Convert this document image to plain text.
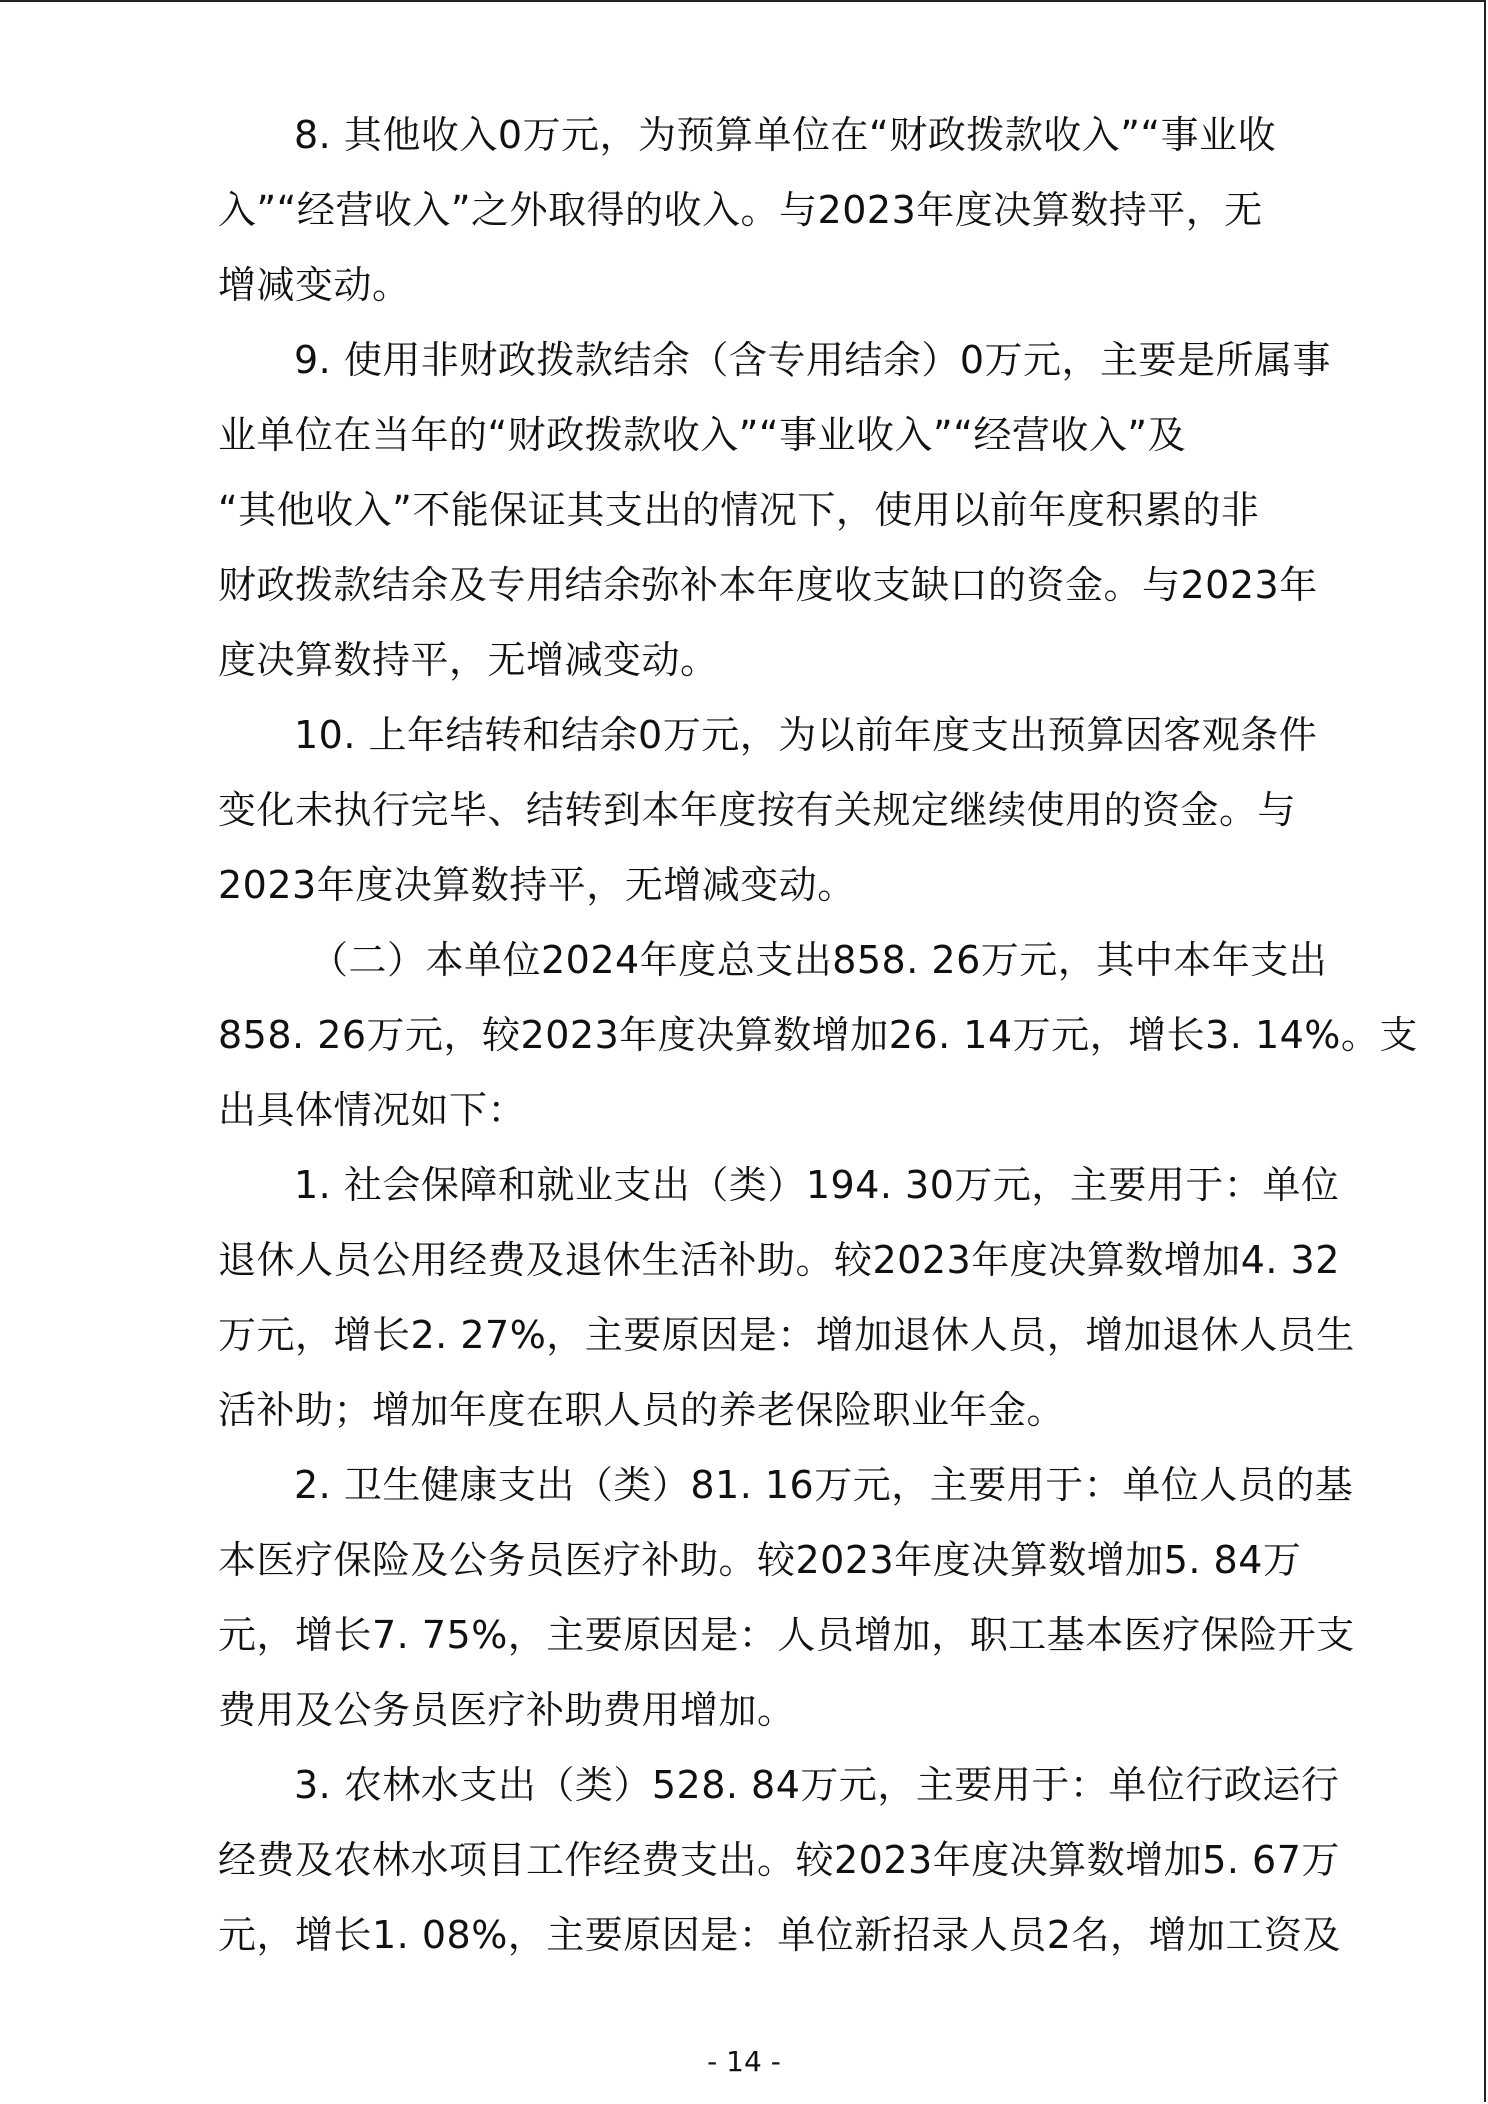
8. 其他收入0万元，为预算单位在“财政拨款收入”“事业收
入”“经营收入”之外取得的收入。与2023年度决算数持平，无
增减变动。
9. 使用非财政拨款结余（含专用结余）0万元，主要是所属事
业单位在当年的“财政拨款收入”“事业收入”“经营收入”及
“其他收入”不能保证其支出的情况下，使用以前年度积累的非
财政拨款结余及专用结余弥补本年度收支缺口的资金。与2023年
度决算数持平，无增减变动。
10. 上年结转和结余0万元，为以前年度支出预算因客观条件
变化未执行完毕、结转到本年度按有关规定继续使用的资金。与
2023年度决算数持平，无增减变动。
（二）本单位2024年度总支出858. 26万元，其中本年支出
858. 26万元，较2023年度决算数增加26. 14万元，增长3. 14%。支
出具体情况如下：
1. 社会保障和就业支出（类）194. 30万元，主要用于：单位
退休人员公用经费及退休生活补助。较2023年度决算数增加4. 32
万元，增长2. 27%，主要原因是：增加退休人员，增加退休人员生
活补助；增加年度在职人员的养老保险职业年金。
2. 卫生健康支出（类）81. 16万元，主要用于：单位人员的基
本医疗保险及公务员医疗补助。较2023年度决算数增加5. 84万
元，增长7. 75%，主要原因是：人员增加，职工基本医疗保险开支
费用及公务员医疗补助费用增加。
3. 农林水支出（类）528. 84万元，主要用于：单位行政运行
经费及农林水项目工作经费支出。较2023年度决算数增加5. 67万
元，增长1. 08%，主要原因是：单位新招录人员2名，增加工资及
- 14 -
